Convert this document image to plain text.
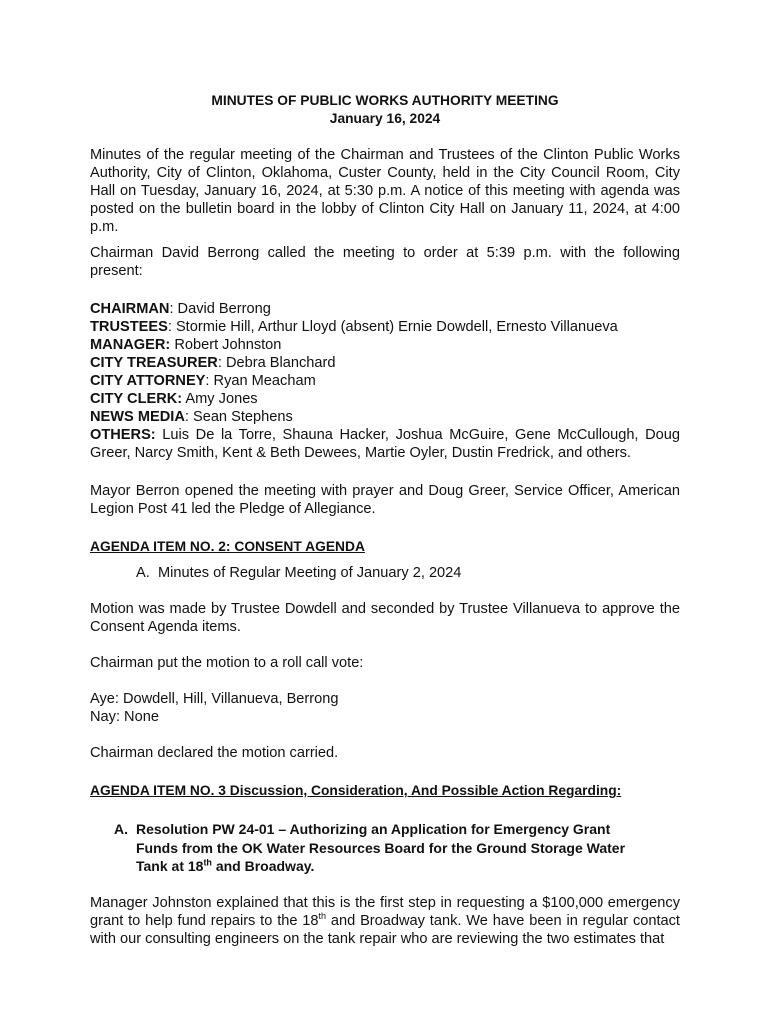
MINUTES OF PUBLIC WORKS AUTHORITY MEETING
January 16, 2024

Minutes of the regular meeting of the Chairman and Trustees of the Clinton Public Works Authority, City of Clinton, Oklahoma, Custer County, held in the City Council Room, City Hall on Tuesday, January 16, 2024, at 5:30 p.m. A notice of this meeting with agenda was posted on the bulletin board in the lobby of Clinton City Hall on January 11, 2024, at 4:00 p.m.

Chairman David Berrong called the meeting to order at 5:39 p.m. with the following present:

CHAIRMAN: David Berrong

TRUSTEES: Stormie Hill, Arthur Lloyd (absent) Ernie Dowdell, Ernesto Villanueva

MANAGER: Robert Johnston

CITY TREASURER: Debra Blanchard

CITY ATTORNEY: Ryan Meacham

CITY CLERK: Amy Jones

NEWS MEDIA: Sean Stephens

OTHERS: Luis De la Torre, Shauna Hacker, Joshua McGuire, Gene McCullough, Doug Greer, Narcy Smith, Kent & Beth Dewees, Martie Oyler, Dustin Fredrick, and others.

Mayor Berron opened the meeting with prayer and Doug Greer, Service Officer, American Legion Post 41 led the Pledge of Allegiance.

AGENDA ITEM NO. 2: CONSENT AGENDA

A. Minutes of Regular Meeting of January 2, 2024

Motion was made by Trustee Dowdell and seconded by Trustee Villanueva to approve the Consent Agenda items.

Chairman put the motion to a roll call vote:

Aye: Dowdell, Hill, Villanueva, Berrong

Nay: None

Chairman declared the motion carried.

AGENDA ITEM NO. 3 Discussion, Consideration, And Possible Action Regarding:

A. Resolution PW 24-01 – Authorizing an Application for Emergency Grant Funds from the OK Water Resources Board for the Ground Storage Water Tank at 18th and Broadway.

Manager Johnston explained that this is the first step in requesting a $100,000 emergency grant to help fund repairs to the 18th and Broadway tank. We have been in regular contact with our consulting engineers on the tank repair who are reviewing the two estimates that
